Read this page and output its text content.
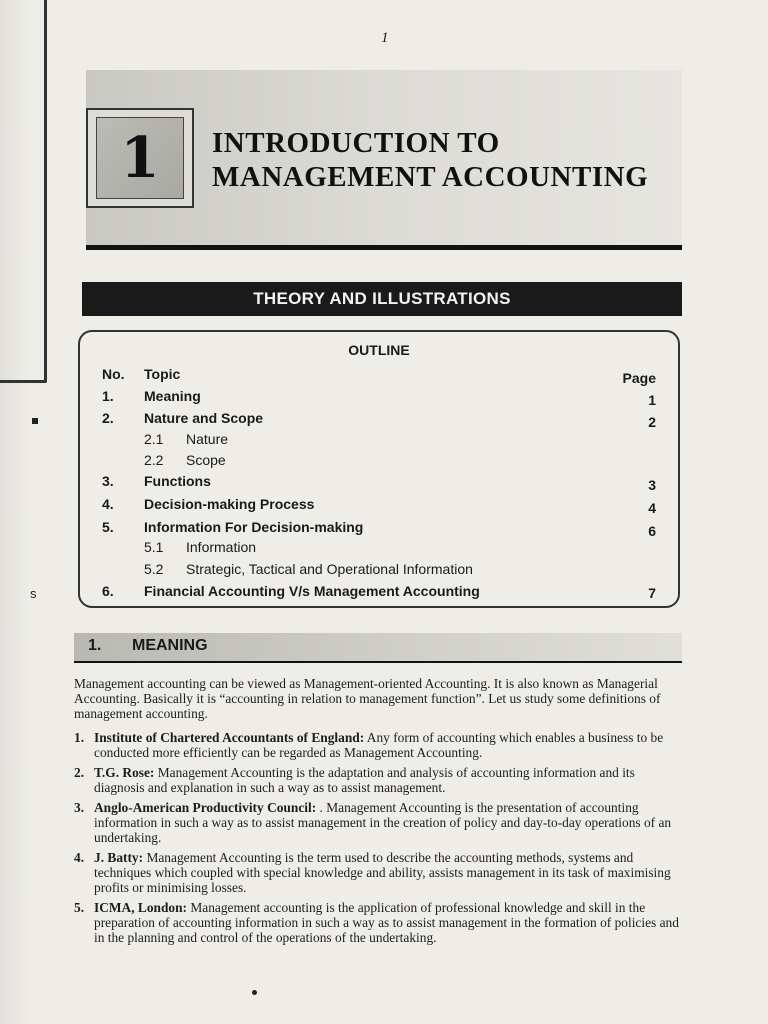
s
1
1 INTRODUCTION TO
MANAGEMENT ACCOUNTING
THEORY AND ILLUSTRATIONS
OUTLINE
No. Topic	Page
1. Meaning	1
2. Nature and Scope	2
2.1 Nature
2.2 Scope
3. Functions	3
4. Decision-making Process	4
5. Information For Decision-making	6
5.1 Information
5.2 Strategic, Tactical and Operational Information
6. Financial Accounting V/s Management Accounting	7
1. MEANING
Management accounting can be viewed as Management-oriented Accounting. It is also known as Managerial Accounting. Basically it is “accounting in relation to management function”. Let us study some definitions of management accounting.
1. Institute of Chartered Accountants of England: Any form of accounting which enables a business to be conducted more efficiently can be regarded as Management Accounting.
2. T.G. Rose: Management Accounting is the adaptation and analysis of accounting information and its diagnosis and explanation in such a way as to assist management.
3. Anglo-American Productivity Council: . Management Accounting is the presentation of accounting information in such a way as to assist management in the creation of policy and day-to-day operations of an undertaking.
4. J. Batty: Management Accounting is the term used to describe the accounting methods, systems and techniques which coupled with special knowledge and ability, assists management in its task of maximising profits or minimising losses.
5. ICMA, London: Management accounting is the application of professional knowledge and skill in the preparation of accounting information in such a way as to assist management in the formation of policies and in the planning and control of the operations of the undertaking.
